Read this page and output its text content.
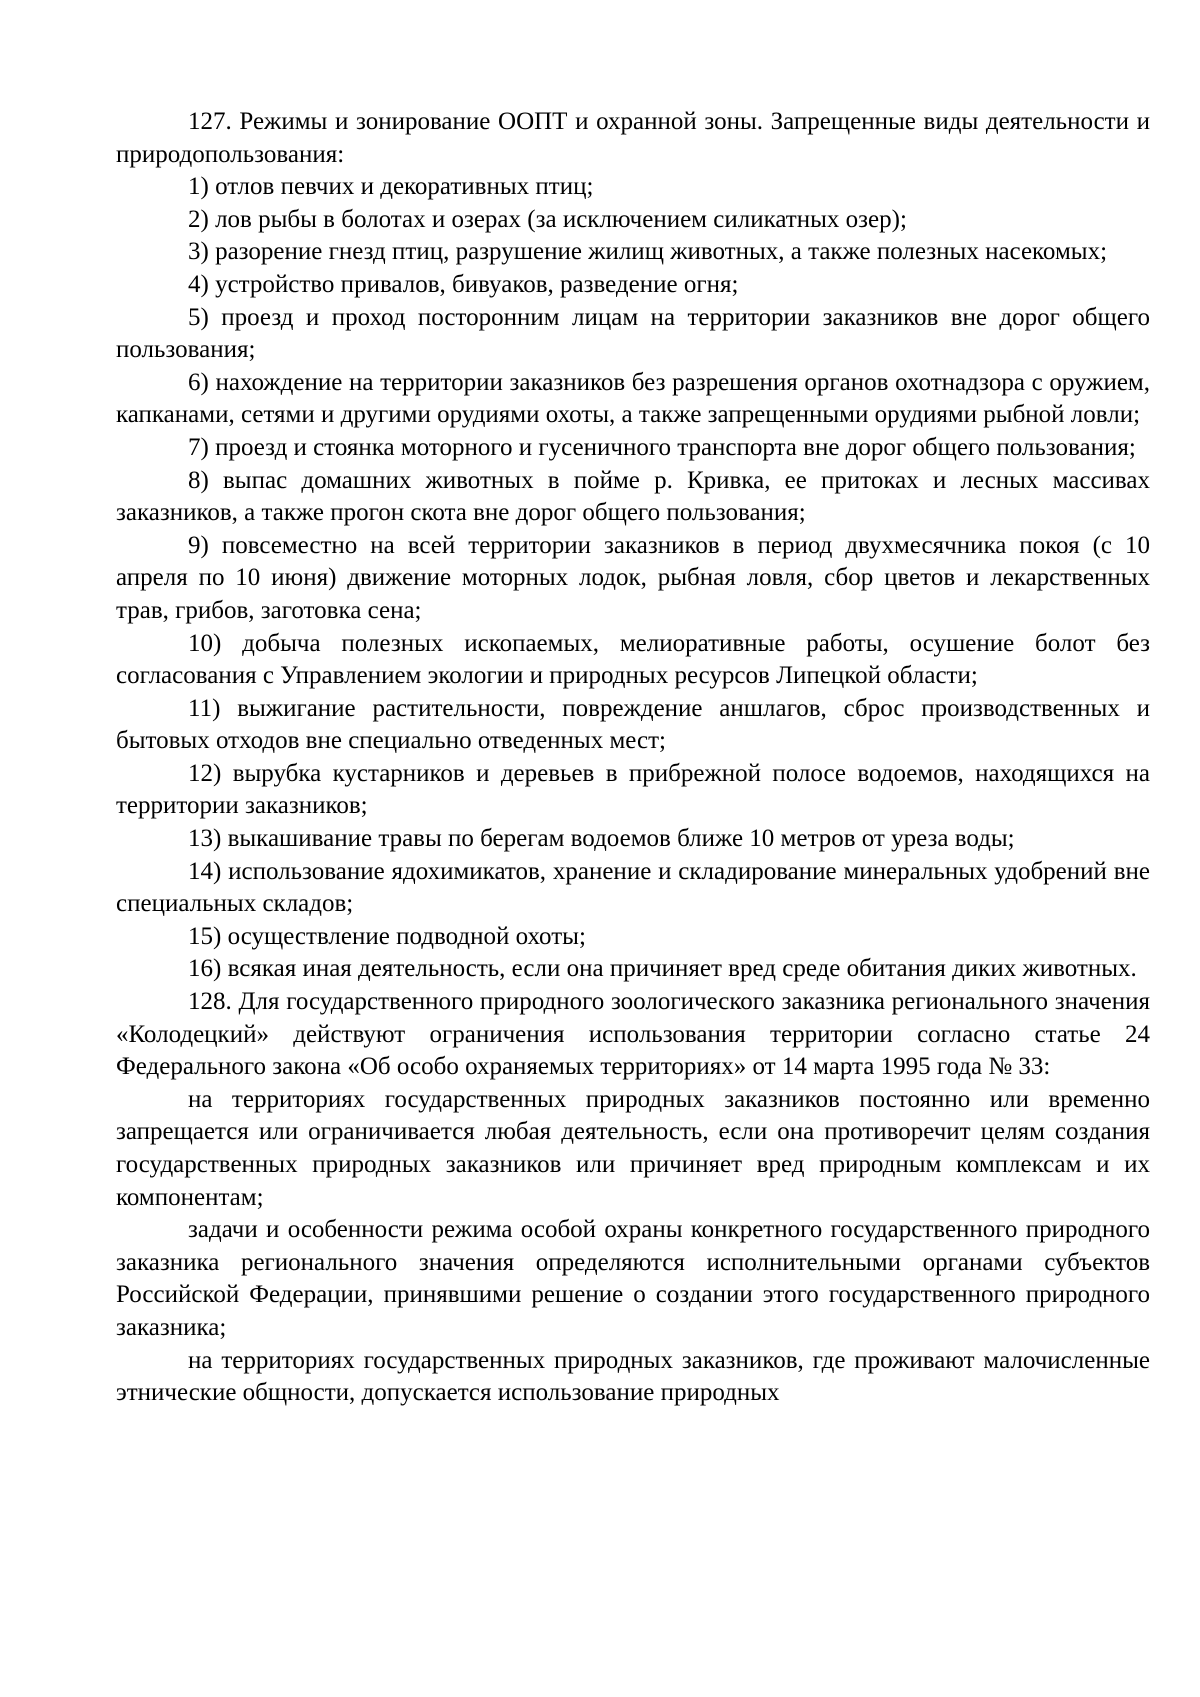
127. Режимы и зонирование ООПТ и охранной зоны. Запрещенные виды деятельности и природопользования:

1) отлов певчих и декоративных птиц;

2) лов рыбы в болотах и озерах (за исключением силикатных озер);

3) разорение гнезд птиц, разрушение жилищ животных, а также полезных насекомых;

4) устройство привалов, бивуаков, разведение огня;

5) проезд и проход посторонним лицам на территории заказников вне дорог общего пользования;

6) нахождение на территории заказников без разрешения органов охотнадзора с оружием, капканами, сетями и другими орудиями охоты, а также запрещенными орудиями рыбной ловли;

7) проезд и стоянка моторного и гусеничного транспорта вне дорог общего пользования;

8) выпас домашних животных в пойме р. Кривка, ее притоках и лесных массивах заказников, а также прогон скота вне дорог общего пользования;

9) повсеместно на всей территории заказников в период двухмесячника покоя (с 10 апреля по 10 июня) движение моторных лодок, рыбная ловля, сбор цветов и лекарственных трав, грибов, заготовка сена;

10) добыча полезных ископаемых, мелиоративные работы, осушение болот без согласования с Управлением экологии и природных ресурсов Липецкой области;

11) выжигание растительности, повреждение аншлагов, сброс производственных и бытовых отходов вне специально отведенных мест;

12) вырубка кустарников и деревьев в прибрежной полосе водоемов, находящихся на территории заказников;

13) выкашивание травы по берегам водоемов ближе 10 метров от уреза воды;

14) использование ядохимикатов, хранение и складирование минеральных удобрений вне специальных складов;

15) осуществление подводной охоты;

16) всякая иная деятельность, если она причиняет вред среде обитания диких животных.

128. Для государственного природного зоологического заказника регионального значения «Колодецкий» действуют ограничения использования территории согласно статье 24 Федерального закона «Об особо охраняемых территориях» от 14 марта 1995 года № 33:

на территориях государственных природных заказников постоянно или временно запрещается или ограничивается любая деятельность, если она противоречит целям создания государственных природных заказников или причиняет вред природным комплексам и их компонентам;

задачи и особенности режима особой охраны конкретного государственного природного заказника регионального значения определяются исполнительными органами субъектов Российской Федерации, принявшими решение о создании этого государственного природного заказника;

на территориях государственных природных заказников, где проживают малочисленные этнические общности, допускается использование природных
